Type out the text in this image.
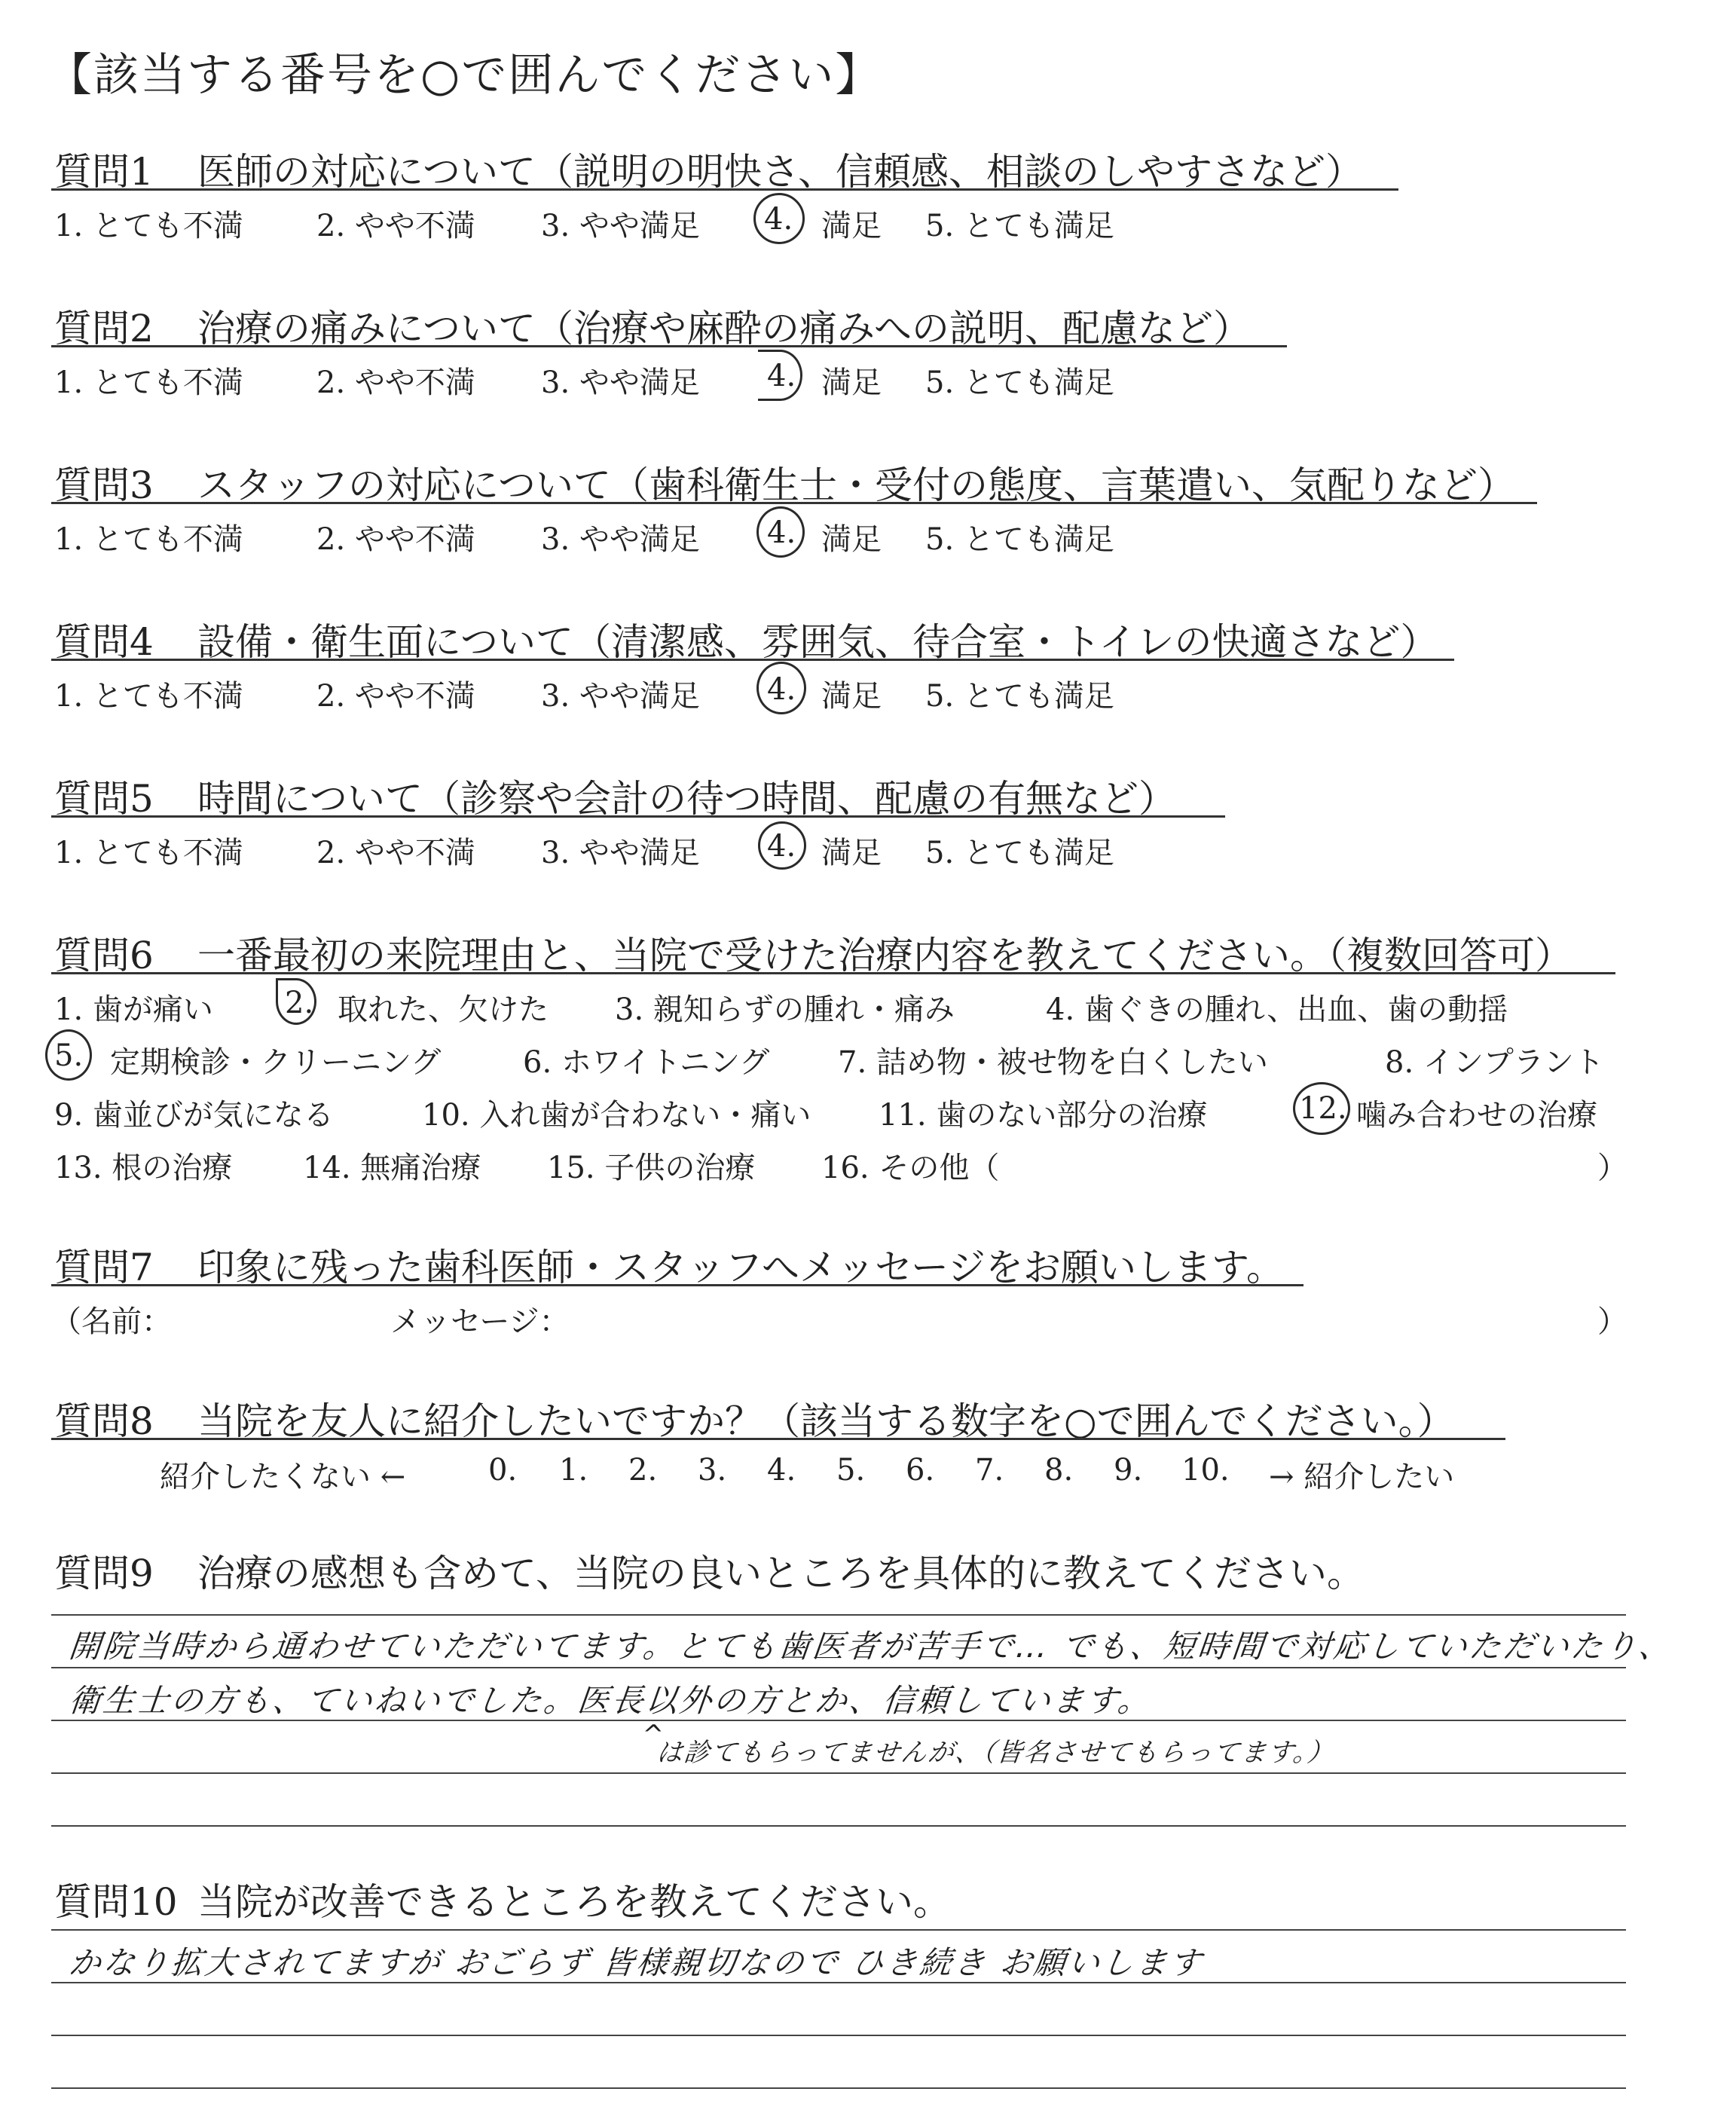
【該当する番号を○で囲んでください】
質問1 医師の対応について（説明の明快さ、信頼感、相談のしやすさなど）
1. とても不満 2. やや不満 3. やや満足 4. 満足 5. とても満足
質問2 治療の痛みについて（治療や麻酔の痛みへの説明、配慮など）
1. とても不満 2. やや不満 3. やや満足 4. 満足 5. とても満足
質問3 スタッフの対応について（歯科衛生士・受付の態度、言葉遣い、気配りなど）
1. とても不満 2. やや不満 3. やや満足 4. 満足 5. とても満足
質問4 設備・衛生面について（清潔感、雰囲気、待合室・トイレの快適さなど）
1. とても不満 2. やや不満 3. やや満足 4. 満足 5. とても満足
質問5 時間について（診察や会計の待つ時間、配慮の有無など）
1. とても不満 2. やや不満 3. やや満足 4. 満足 5. とても満足
質問6 一番最初の来院理由と、当院で受けた治療内容を教えてください。（複数回答可）
1. 歯が痛い 2. 取れた、欠けた 3. 親知らずの腫れ・痛み	4. 歯ぐきの腫れ、出血、歯の動揺
5. 定期検診・クリーニング	6. ホワイトニング 7. 詰め物・被せ物を白くしたい	8. インプラント
9. 歯並びが気になる	10. 入れ歯が合わない・痛い 11. 歯のない部分の治療	12. 噛み合わせの治療
13. 根の治療 14. 無痛治療 15. 子供の治療 16. その他（	）
質問7 印象に残った歯科医師・スタッフへメッセージをお願いします。
（名前：	メッセージ：	）
質問8 当院を友人に紹介したいですか？（該当する数字を○で囲んでください。）
紹介したくない ←	0. 1. 2. 3. 4. 5. 6. 7. 8. 9. 10. → 紹介したい
質問9 治療の感想も含めて、当院の良いところを具体的に教えてください。
開院当時から通わせていただいてます。とても歯医者が苦手で… でも、短時間で対応していただいたり、
衛生士の方も、ていねいでした。医長以外の方とか、信頼しています。
^
は診てもらってませんが、（皆名させてもらってます。）
質問10 当院が改善できるところを教えてください。
かなり拡大されてますが おごらず 皆様親切なので ひき続き お願いします
